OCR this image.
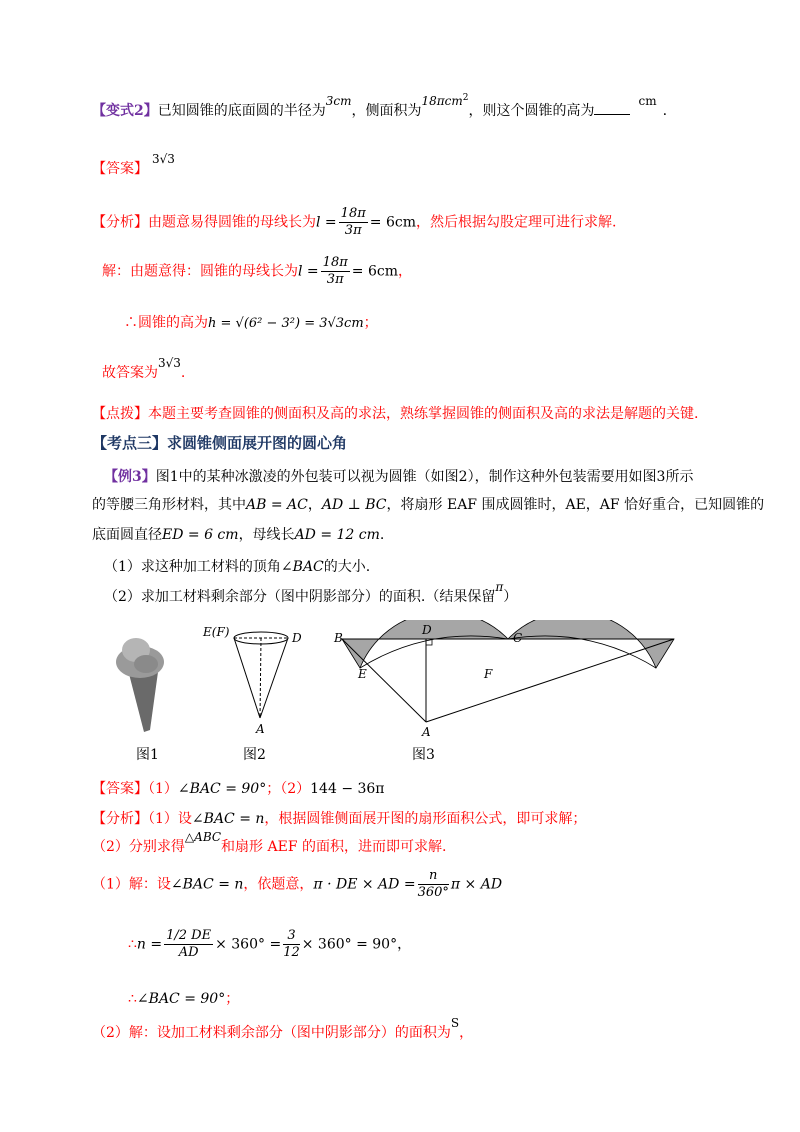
【变式2】已知圆锥的底面圆的半径为3cm，侧面积为18πcm$^2$，则这个圆锥的高为cm.
【答案】3√3
【分析】由题意易得圆锥的母线长为$l = \frac{18\pi}{3\pi} = 6cm$，然后根据勾股定理可进行求解.
解：由题意得：圆锥的母线长为$l = \frac{18\pi}{3\pi} = 6cm$，
∴圆锥的高为h = √(6² − 3²) = 3√3cm；
故答案为3√3.
【点拨】本题主要考查圆锥的侧面积及高的求法，熟练掌握圆锥的侧面积及高的求法是解题的关键.
【考点三】求圆锥侧面展开图的圆心角
【例3】图1中的某种冰激凌的外包装可以视为圆锥（如图2），制作这种外包装需要用如图3所示
的等腰三角形材料，其中AB = AC，AD ⊥ BC，将扇形 EAF 围成圆锥时，AE，AF 恰好重合，已知圆锥的
底面圆直径ED = 6 cm，母线长AD = 12 cm.
（1）求这种加工材料的顶角∠BAC的大小.
（2）求加工材料剩余部分（图中阴影部分）的面积.（结果保留π）
E(F)	D
A
B
D
C
E	F
A
图1	图2	图3
【答案】（1）∠BAC = 90°；（2）144 − 36π
【分析】（1）设∠BAC = n，根据圆锥侧面展开图的扇形面积公式，即可求解；
（2）分别求得△ABC和扇形 AEF 的面积，进而即可求解.
（1）解：设∠BAC = n，依题意，π · DE × AD = $\frac{n}{360^\circ}$ π × AD
∴n = $\frac{1/2 DE}{AD} \times 360^\circ = \frac{3}{12} \times 360^\circ = 90^\circ$，
∴∠BAC = 90°；
（2）解：设加工材料剩余部分（图中阴影部分）的面积为S，
